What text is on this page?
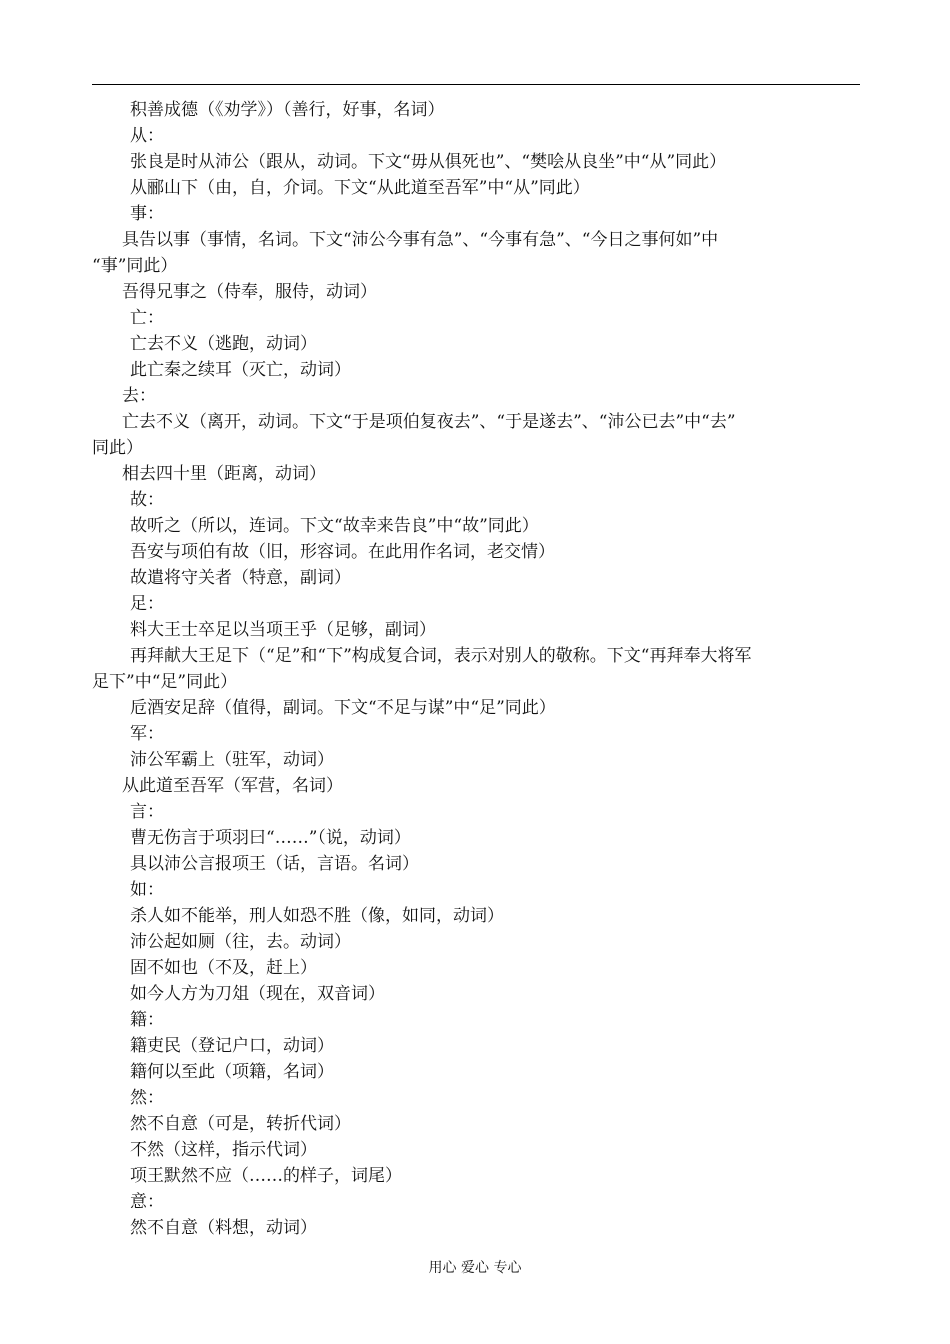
积善成德（《劝学》）（善行，好事，名词）
从：
张良是时从沛公（跟从，动词。下文“毋从俱死也”、“樊哙从良坐”中“从”同此）
从郦山下（由，自，介词。下文“从此道至吾军”中“从”同此）
事：
具告以事（事情，名词。下文“沛公今事有急”、“今事有急”、“今日之事何如”中
“事”同此）
吾得兄事之（侍奉，服侍，动词）
亡：
亡去不义（逃跑，动词）
此亡秦之续耳（灭亡，动词）
去：
亡去不义（离开，动词。下文“于是项伯复夜去”、“于是遂去”、“沛公已去”中“去”
同此）
相去四十里（距离，动词）
故：
故听之（所以，连词。下文“故幸来告良”中“故”同此）
吾安与项伯有故（旧，形容词。在此用作名词，老交情）
故遣将守关者（特意，副词）
足：
料大王士卒足以当项王乎（足够，副词）
再拜献大王足下（“足”和“下”构成复合词，表示对别人的敬称。下文“再拜奉大将军
足下”中“足”同此）
卮酒安足辞（值得，副词。下文“不足与谋”中“足”同此）
军：
沛公军霸上（驻军，动词）
从此道至吾军（军营，名词）
言：
曹无伤言于项羽曰“……”（说，动词）
具以沛公言报项王（话，言语。名词）
如：
杀人如不能举，刑人如恐不胜（像，如同，动词）
沛公起如厕（往，去。动词）
固不如也（不及，赶上）
如今人方为刀俎（现在，双音词）
籍：
籍吏民（登记户口，动词）
籍何以至此（项籍，名词）
然：
然不自意（可是，转折代词）
不然（这样，指示代词）
项王默然不应（……的样子，词尾）
意：
然不自意（料想，动词）
用心 爱心 专心
